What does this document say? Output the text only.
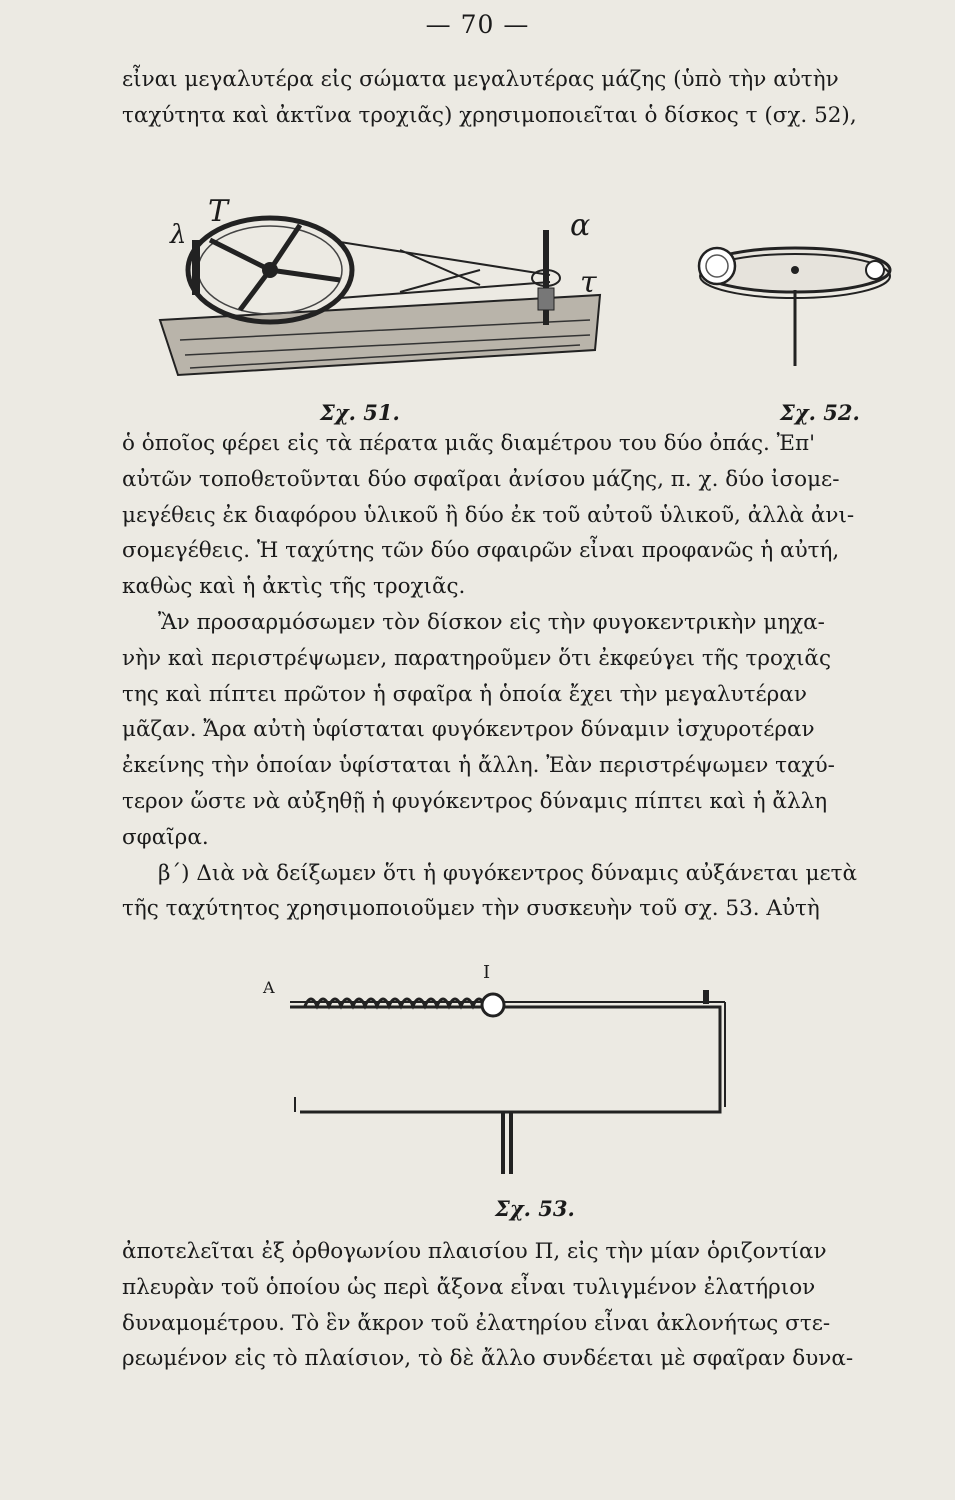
— 70 —
εἶναι μεγαλυτέρα εἰς σώματα μεγαλυτέρας μάζης (ὑπὸ τὴν αὐτὴν
ταχύτητα καὶ ἀκτῖνα τροχιᾶς) χρησιμοποιεῖται ὁ δίσκος τ (σχ. 52),
λ
T	α
τ
Σχ. 51.	Σχ. 52.
ὁ ὁποῖος φέρει εἰς τὰ πέρατα μιᾶς διαμέτρου του δύο ὀπάς. Ἐπ'
αὐτῶν τοποθετοῦνται δύο σφαῖραι ἀνίσου μάζης, π. χ. δύο ἰσομε-
μεγέθεις ἐκ διαφόρου ὑλικοῦ ἢ δύο ἐκ τοῦ αὐτοῦ ὑλικοῦ, ἀλλὰ ἀνι-
σομεγέθεις. Ἡ ταχύτης τῶν δύο σφαιρῶν εἶναι προφανῶς ἡ αὐτή,
καθὼς καὶ ἡ ἀκτὶς τῆς τροχιᾶς.
Ἂν προσαρμόσωμεν τὸν δίσκον εἰς τὴν φυγοκεντρικὴν μηχα-
νὴν καὶ περιστρέψωμεν, παρατηροῦμεν ὅτι ἐκφεύγει τῆς τροχιᾶς
της καὶ πίπτει πρῶτον ἡ σφαῖρα ἡ ὁποία ἔχει τὴν μεγαλυτέραν
μᾶζαν. Ἄρα αὐτὴ ὑφίσταται φυγόκεντρον δύναμιν ἰσχυροτέραν
ἐκείνης τὴν ὁποίαν ὑφίσταται ἡ ἄλλη. Ἐὰν περιστρέψωμεν ταχύ-
τερον ὥστε νὰ αὐξηθῇ ἡ φυγόκεντρος δύναμις πίπτει καὶ ἡ ἄλλη
σφαῖρα.
β΄) Διὰ νὰ δείξωμεν ὅτι ἡ φυγόκεντρος δύναμις αὐξάνεται μετὰ
τῆς ταχύτητος χρησιμοποιοῦμεν τὴν συσκευὴν τοῦ σχ. 53. Αὐτὴ
I
Α
Σχ. 53.
ἀποτελεῖται ἐξ ὀρθογωνίου πλαισίου Π, εἰς τὴν μίαν ὁριζοντίαν
πλευρὰν τοῦ ὁποίου ὡς περὶ ἄξονα εἶναι τυλιγμένον ἐλατήριον
δυναμομέτρου. Τὸ ἓν ἄκρον τοῦ ἐλατηρίου εἶναι ἀκλονήτως στε-
ρεωμένον εἰς τὸ πλαίσιον, τὸ δὲ ἄλλο συνδέεται μὲ σφαῖραν δυνα-
